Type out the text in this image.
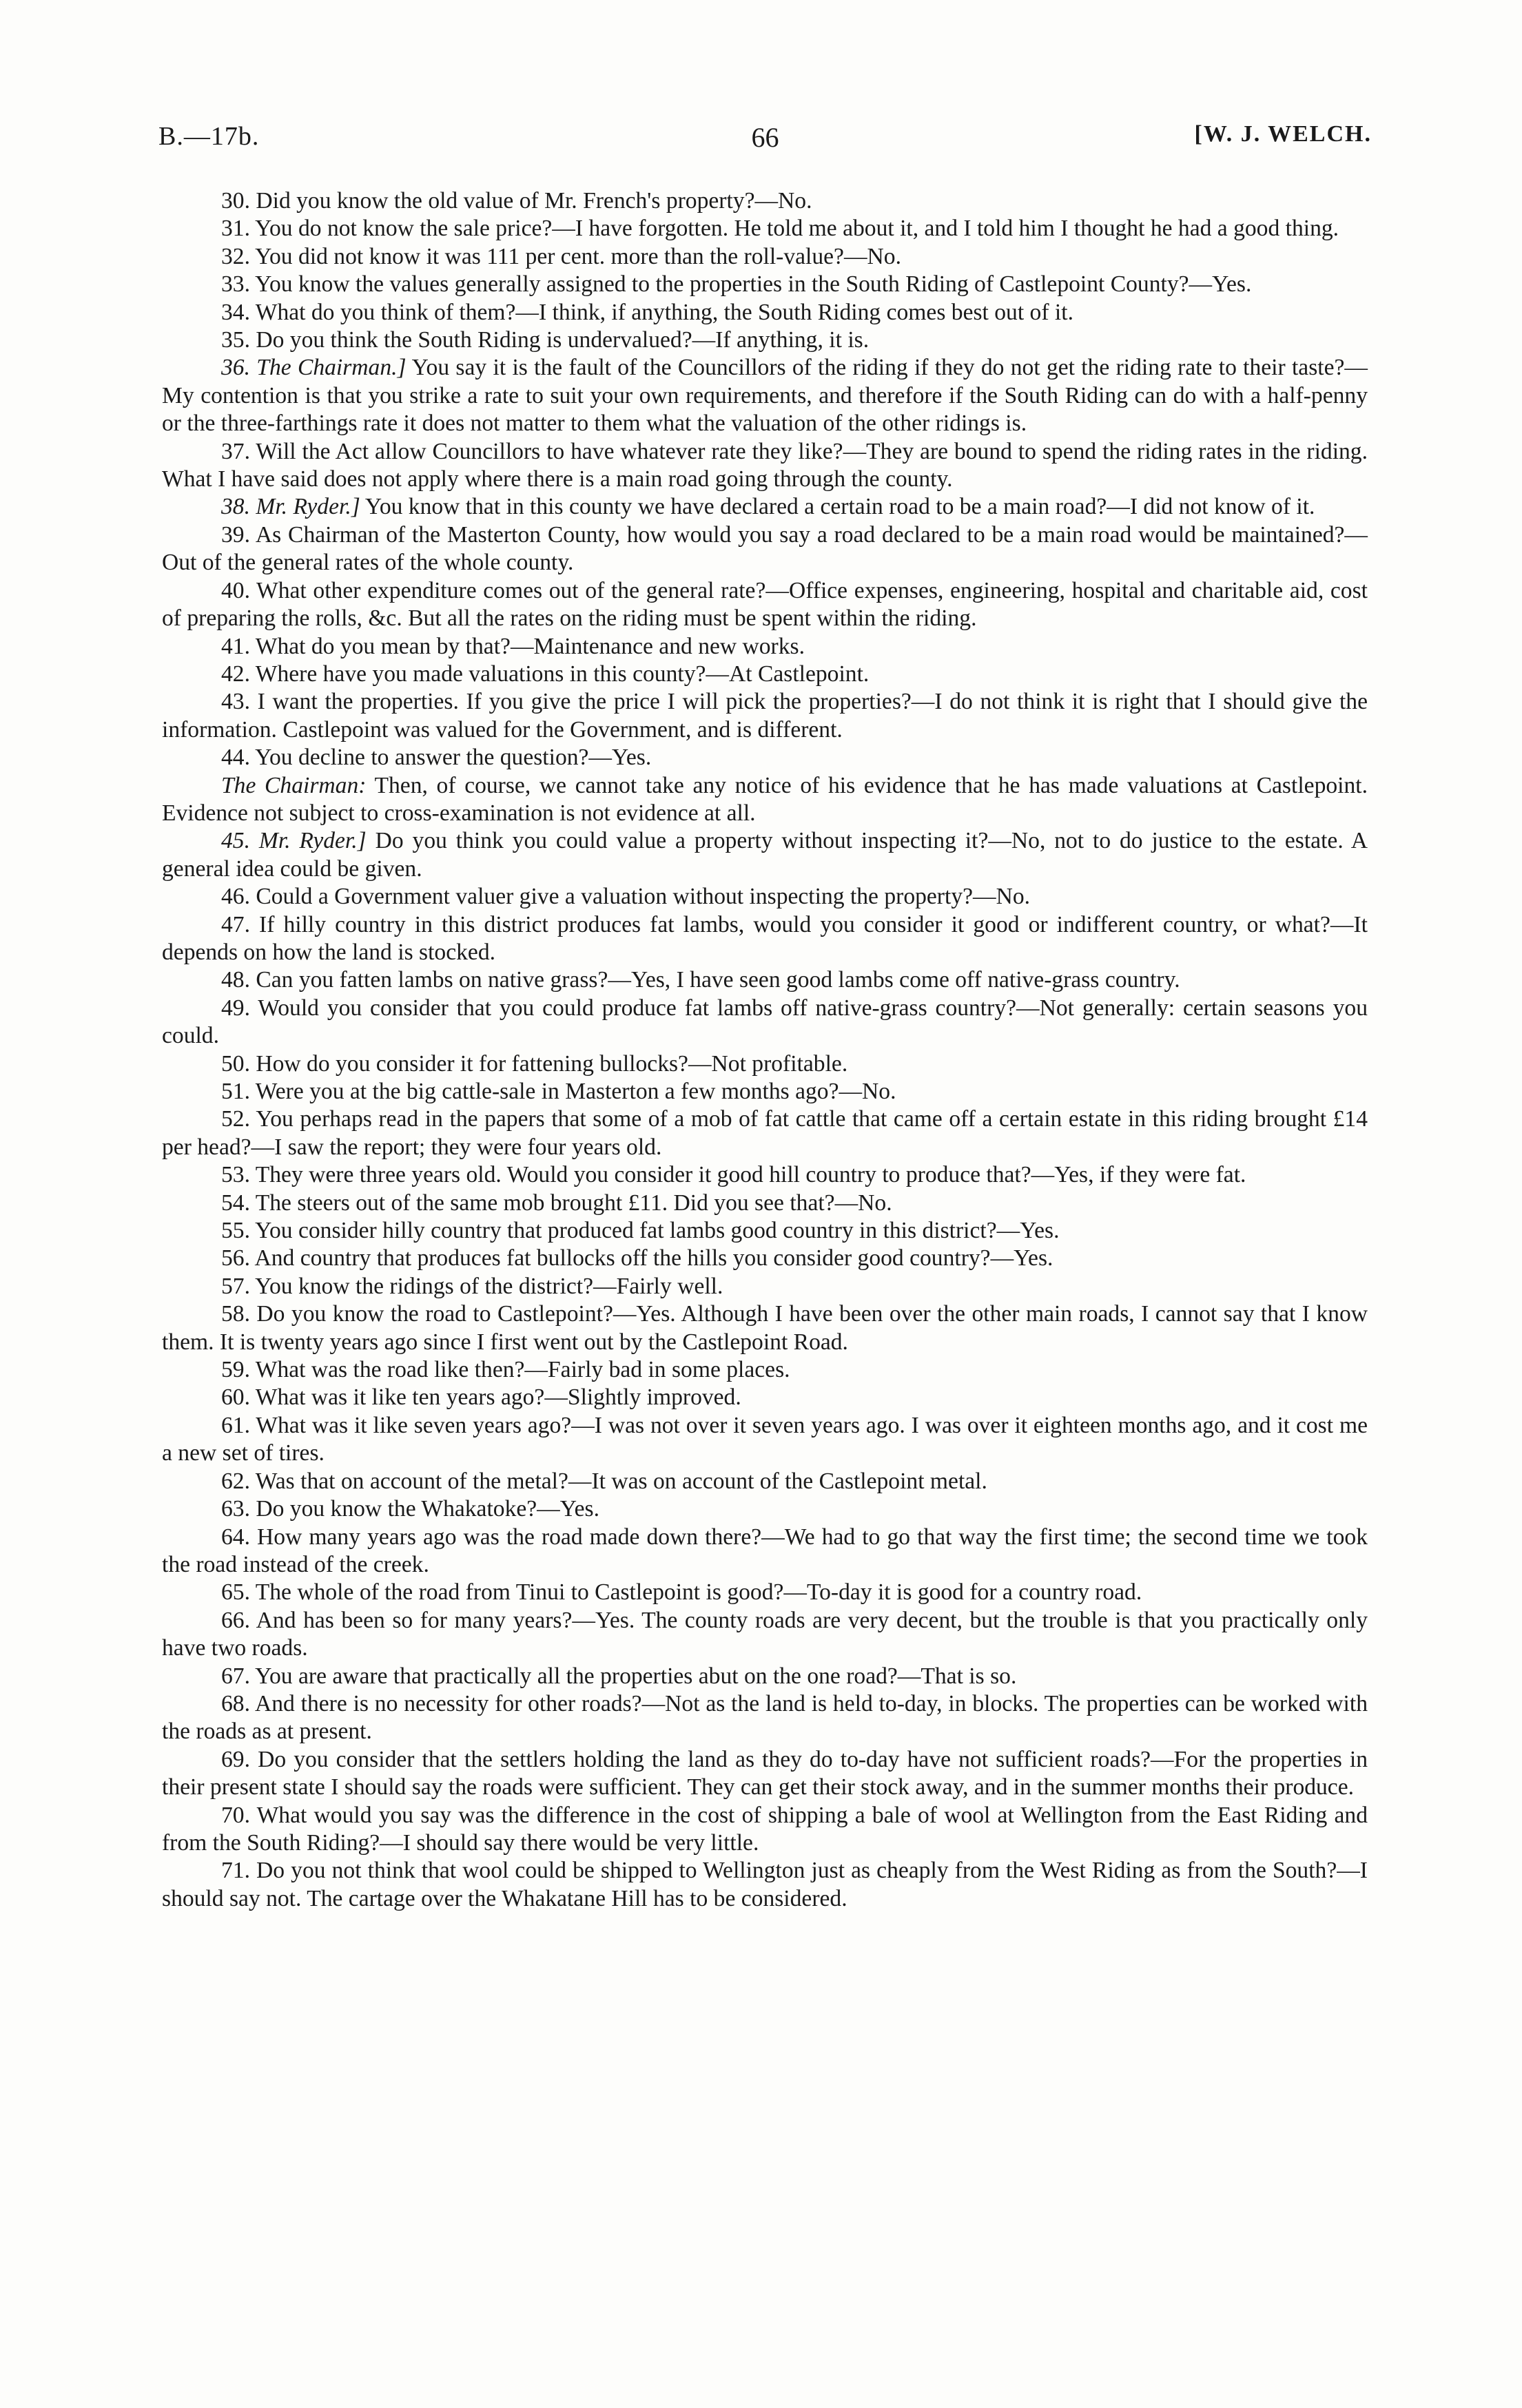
B.—17b.	66	[W. J. WELCH.

30. Did you know the old value of Mr. French's property?—No.

31. You do not know the sale price?—I have forgotten. He told me about it, and I told him I thought he had a good thing.

32. You did not know it was 111 per cent. more than the roll-value?—No.

33. You know the values generally assigned to the properties in the South Riding of Castlepoint County?—Yes.

34. What do you think of them?—I think, if anything, the South Riding comes best out of it.

35. Do you think the South Riding is undervalued?—If anything, it is.

36. The Chairman.] You say it is the fault of the Councillors of the riding if they do not get the riding rate to their taste?—My contention is that you strike a rate to suit your own requirements, and therefore if the South Riding can do with a half-penny or the three-farthings rate it does not matter to them what the valuation of the other ridings is.

37. Will the Act allow Councillors to have whatever rate they like?—They are bound to spend the riding rates in the riding. What I have said does not apply where there is a main road going through the county.

38. Mr. Ryder.] You know that in this county we have declared a certain road to be a main road?—I did not know of it.

39. As Chairman of the Masterton County, how would you say a road declared to be a main road would be maintained?—Out of the general rates of the whole county.

40. What other expenditure comes out of the general rate?—Office expenses, engineering, hospital and charitable aid, cost of preparing the rolls, &c. But all the rates on the riding must be spent within the riding.

41. What do you mean by that?—Maintenance and new works.

42. Where have you made valuations in this county?—At Castlepoint.

43. I want the properties. If you give the price I will pick the properties?—I do not think it is right that I should give the information. Castlepoint was valued for the Government, and is different.

44. You decline to answer the question?—Yes.

The Chairman: Then, of course, we cannot take any notice of his evidence that he has made valuations at Castlepoint. Evidence not subject to cross-examination is not evidence at all.

45. Mr. Ryder.] Do you think you could value a property without inspecting it?—No, not to do justice to the estate. A general idea could be given.

46. Could a Government valuer give a valuation without inspecting the property?—No.

47. If hilly country in this district produces fat lambs, would you consider it good or indifferent country, or what?—It depends on how the land is stocked.

48. Can you fatten lambs on native grass?—Yes, I have seen good lambs come off native-grass country.

49. Would you consider that you could produce fat lambs off native-grass country?—Not generally: certain seasons you could.

50. How do you consider it for fattening bullocks?—Not profitable.

51. Were you at the big cattle-sale in Masterton a few months ago?—No.

52. You perhaps read in the papers that some of a mob of fat cattle that came off a certain estate in this riding brought £14 per head?—I saw the report; they were four years old.

53. They were three years old. Would you consider it good hill country to produce that?—Yes, if they were fat.

54. The steers out of the same mob brought £11. Did you see that?—No.

55. You consider hilly country that produced fat lambs good country in this district?—Yes.

56. And country that produces fat bullocks off the hills you consider good country?—Yes.

57. You know the ridings of the district?—Fairly well.

58. Do you know the road to Castlepoint?—Yes. Although I have been over the other main roads, I cannot say that I know them. It is twenty years ago since I first went out by the Castlepoint Road.

59. What was the road like then?—Fairly bad in some places.

60. What was it like ten years ago?—Slightly improved.

61. What was it like seven years ago?—I was not over it seven years ago. I was over it eighteen months ago, and it cost me a new set of tires.

62. Was that on account of the metal?—It was on account of the Castlepoint metal.

63. Do you know the Whakatoke?—Yes.

64. How many years ago was the road made down there?—We had to go that way the first time; the second time we took the road instead of the creek.

65. The whole of the road from Tinui to Castlepoint is good?—To-day it is good for a country road.

66. And has been so for many years?—Yes. The county roads are very decent, but the trouble is that you practically only have two roads.

67. You are aware that practically all the properties abut on the one road?—That is so.

68. And there is no necessity for other roads?—Not as the land is held to-day, in blocks. The properties can be worked with the roads as at present.

69. Do you consider that the settlers holding the land as they do to-day have not sufficient roads?—For the properties in their present state I should say the roads were sufficient. They can get their stock away, and in the summer months their produce.

70. What would you say was the difference in the cost of shipping a bale of wool at Wellington from the East Riding and from the South Riding?—I should say there would be very little.

71. Do you not think that wool could be shipped to Wellington just as cheaply from the West Riding as from the South?—I should say not. The cartage over the Whakatane Hill has to be considered.
